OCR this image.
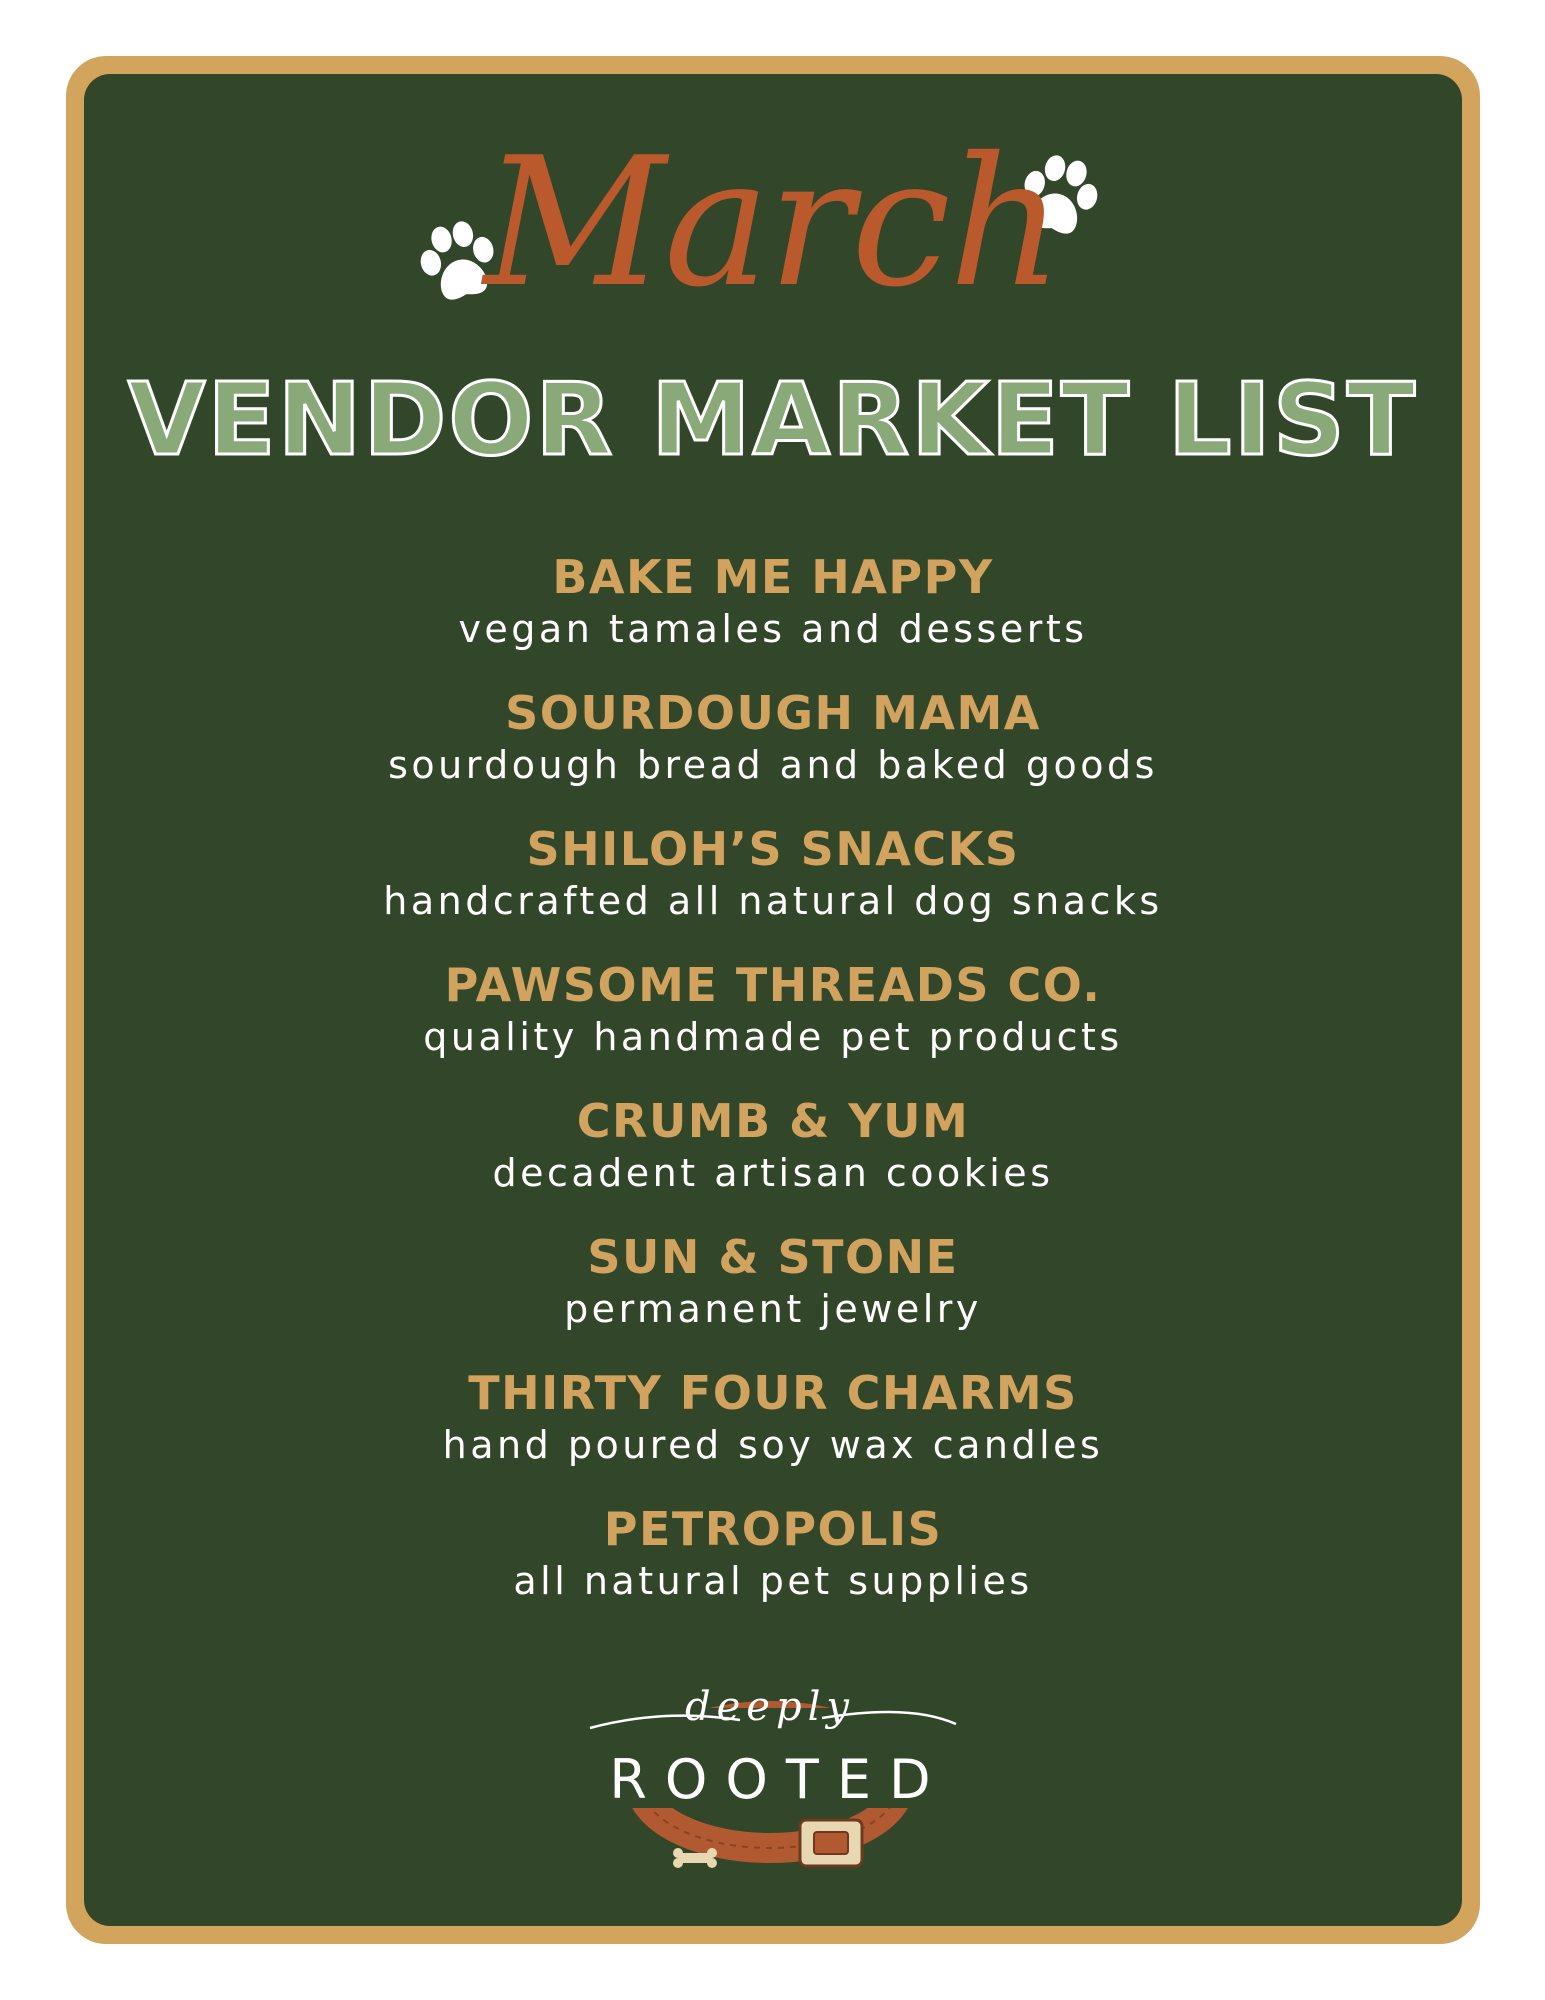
March
VENDOR MARKET LIST
BAKE ME HAPPY
vegan tamales and desserts
SOURDOUGH MAMA
sourdough bread and baked goods
SHILOH’S SNACKS
handcrafted all natural dog snacks
PAWSOME THREADS CO.
quality handmade pet products
CRUMB & YUM
decadent artisan cookies
SUN & STONE
permanent jewelry
THIRTY FOUR CHARMS
hand poured soy wax candles
PETROPOLIS
all natural pet supplies
deeply
ROOTED
